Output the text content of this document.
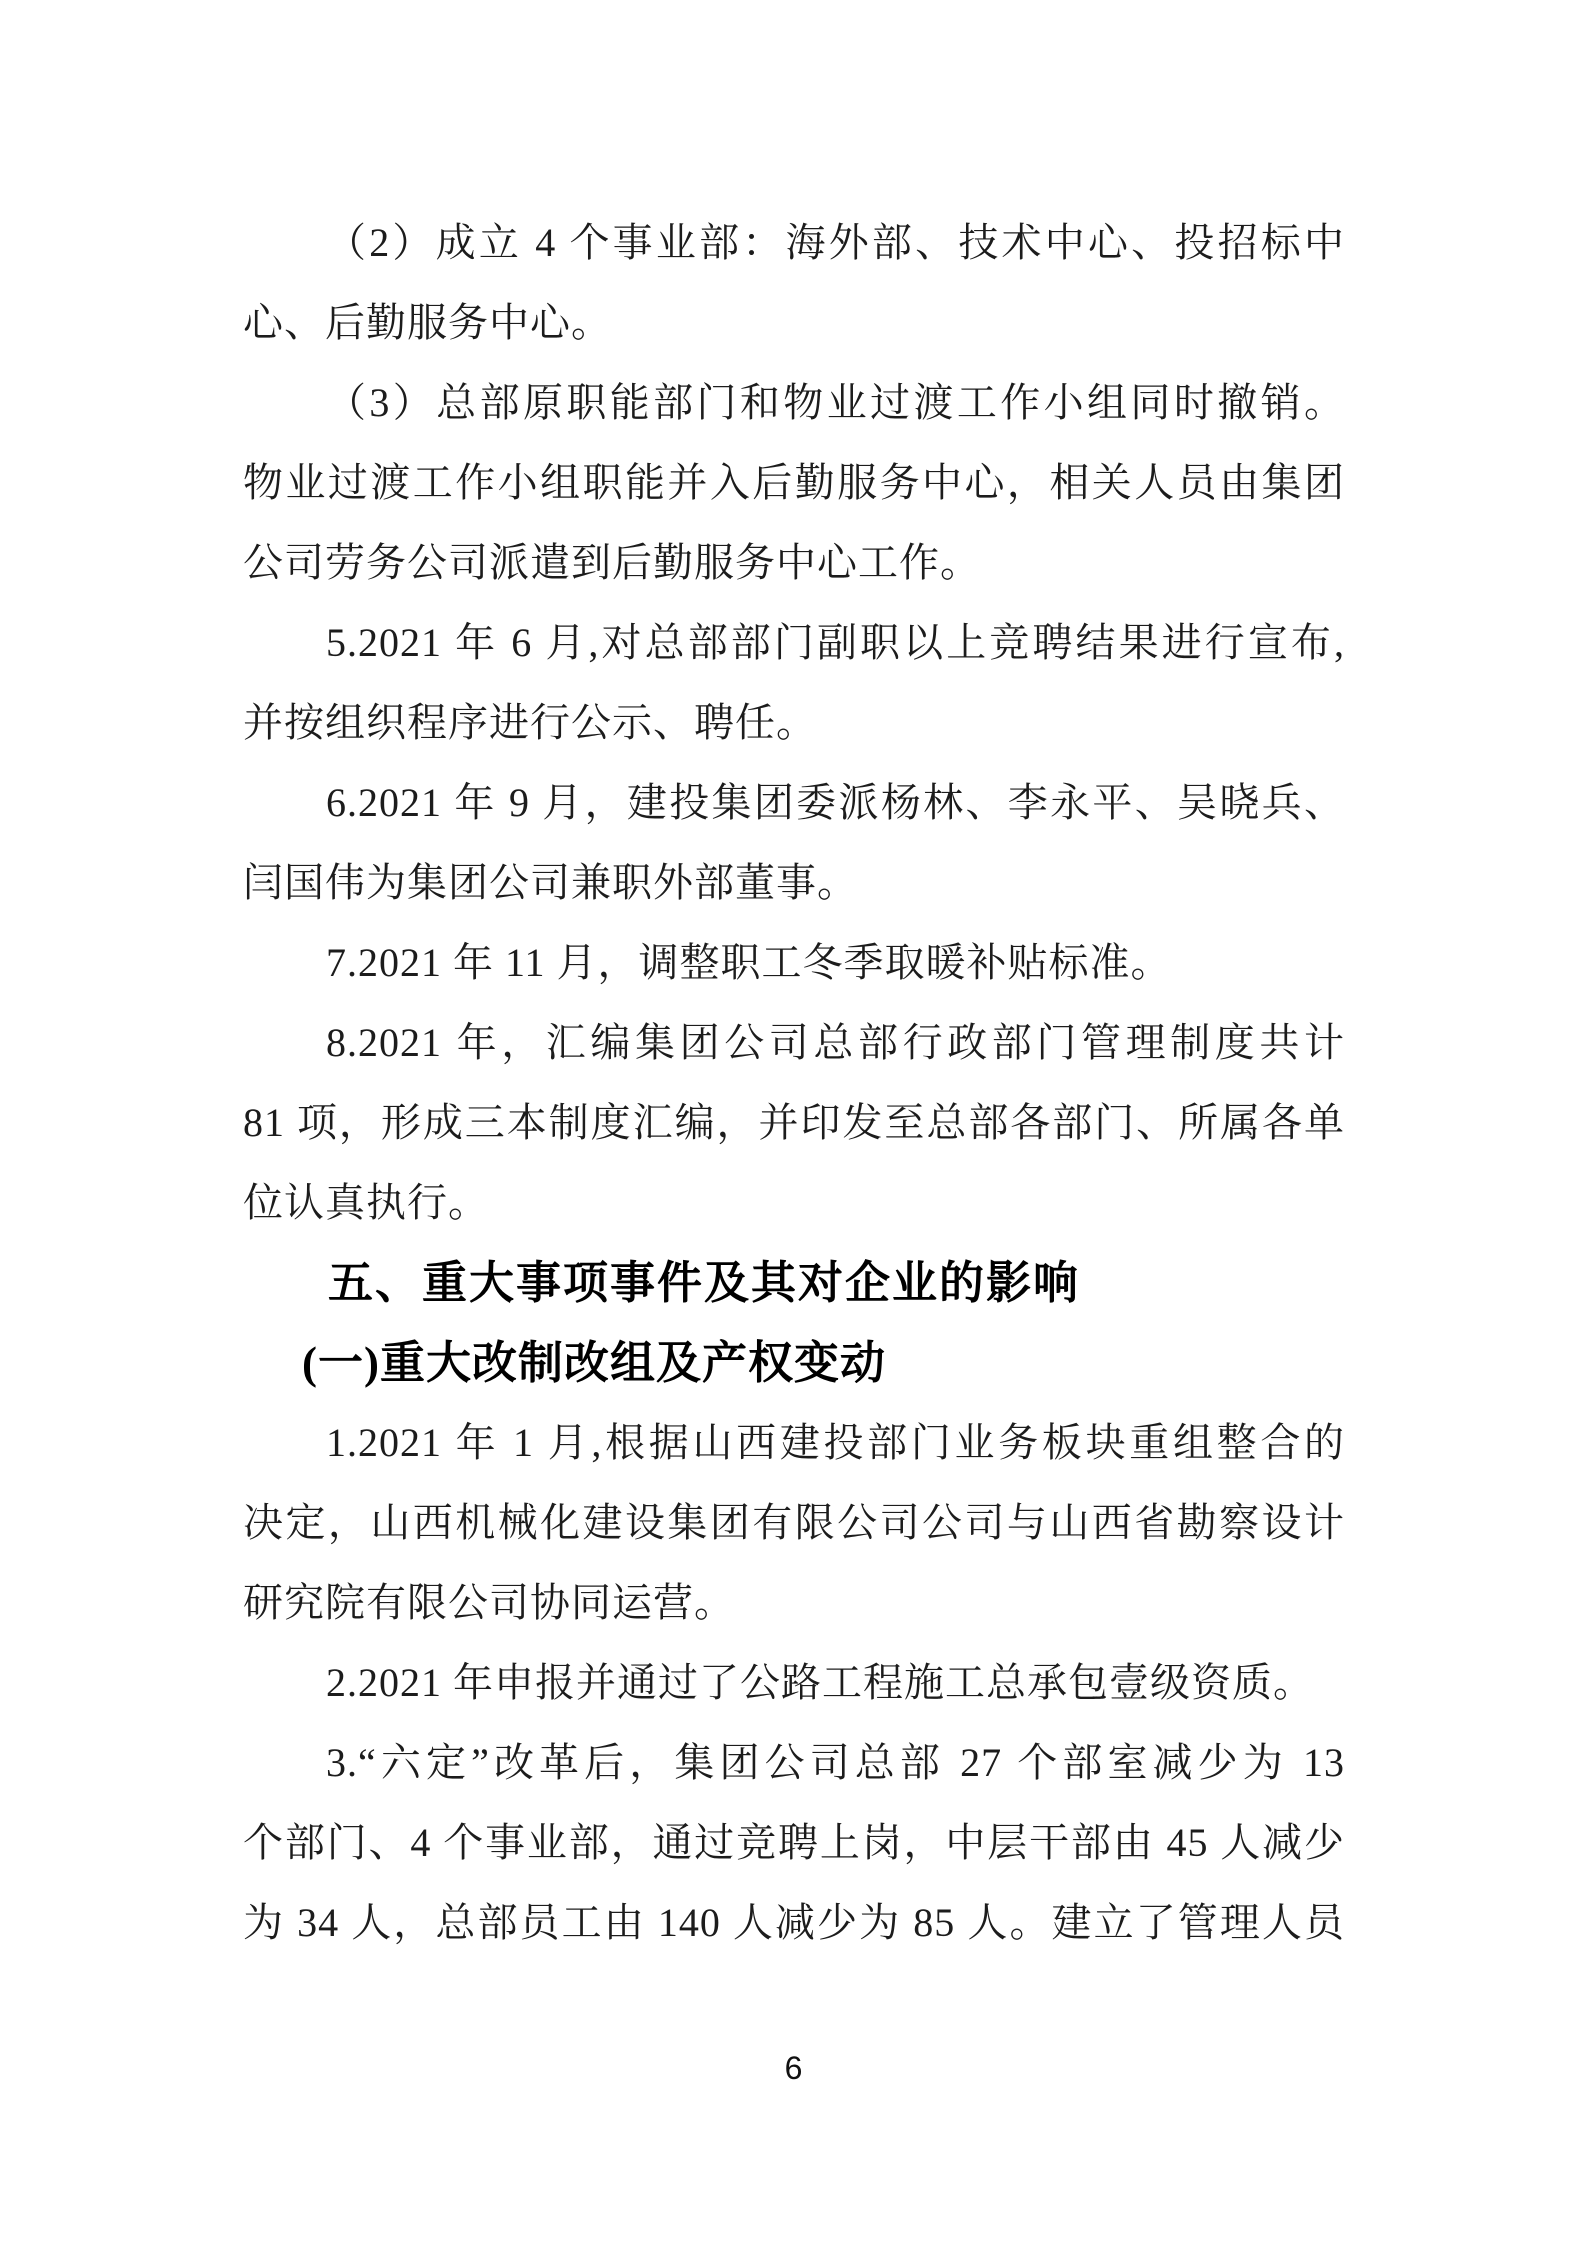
（2）成立 4 个事业部：海外部、技术中心、投招标中
心、后勤服务中心。
（3）总部原职能部门和物业过渡工作小组同时撤销。
物业过渡工作小组职能并入后勤服务中心，相关人员由集团
公司劳务公司派遣到后勤服务中心工作。
5.2021 年 6 月,对总部部门副职以上竞聘结果进行宣布,
并按组织程序进行公示、聘任。
6.2021 年 9 月，建投集团委派杨林、李永平、吴晓兵、
闫国伟为集团公司兼职外部董事。
7.2021 年 11 月，调整职工冬季取暖补贴标准。
8.2021 年，汇编集团公司总部行政部门管理制度共计
81 项，形成三本制度汇编，并印发至总部各部门、所属各单
位认真执行。
五、重大事项事件及其对企业的影响
(一)重大改制改组及产权变动
1.2021 年 1 月,根据山西建投部门业务板块重组整合的
决定，山西机械化建设集团有限公司公司与山西省勘察设计
研究院有限公司协同运营。
2.2021 年申报并通过了公路工程施工总承包壹级资质。
3.“六定”改革后，集团公司总部 27 个部室减少为 13
个部门、4 个事业部，通过竞聘上岗，中层干部由 45 人减少
为 34 人，总部员工由 140 人减少为 85 人。建立了管理人员
6
